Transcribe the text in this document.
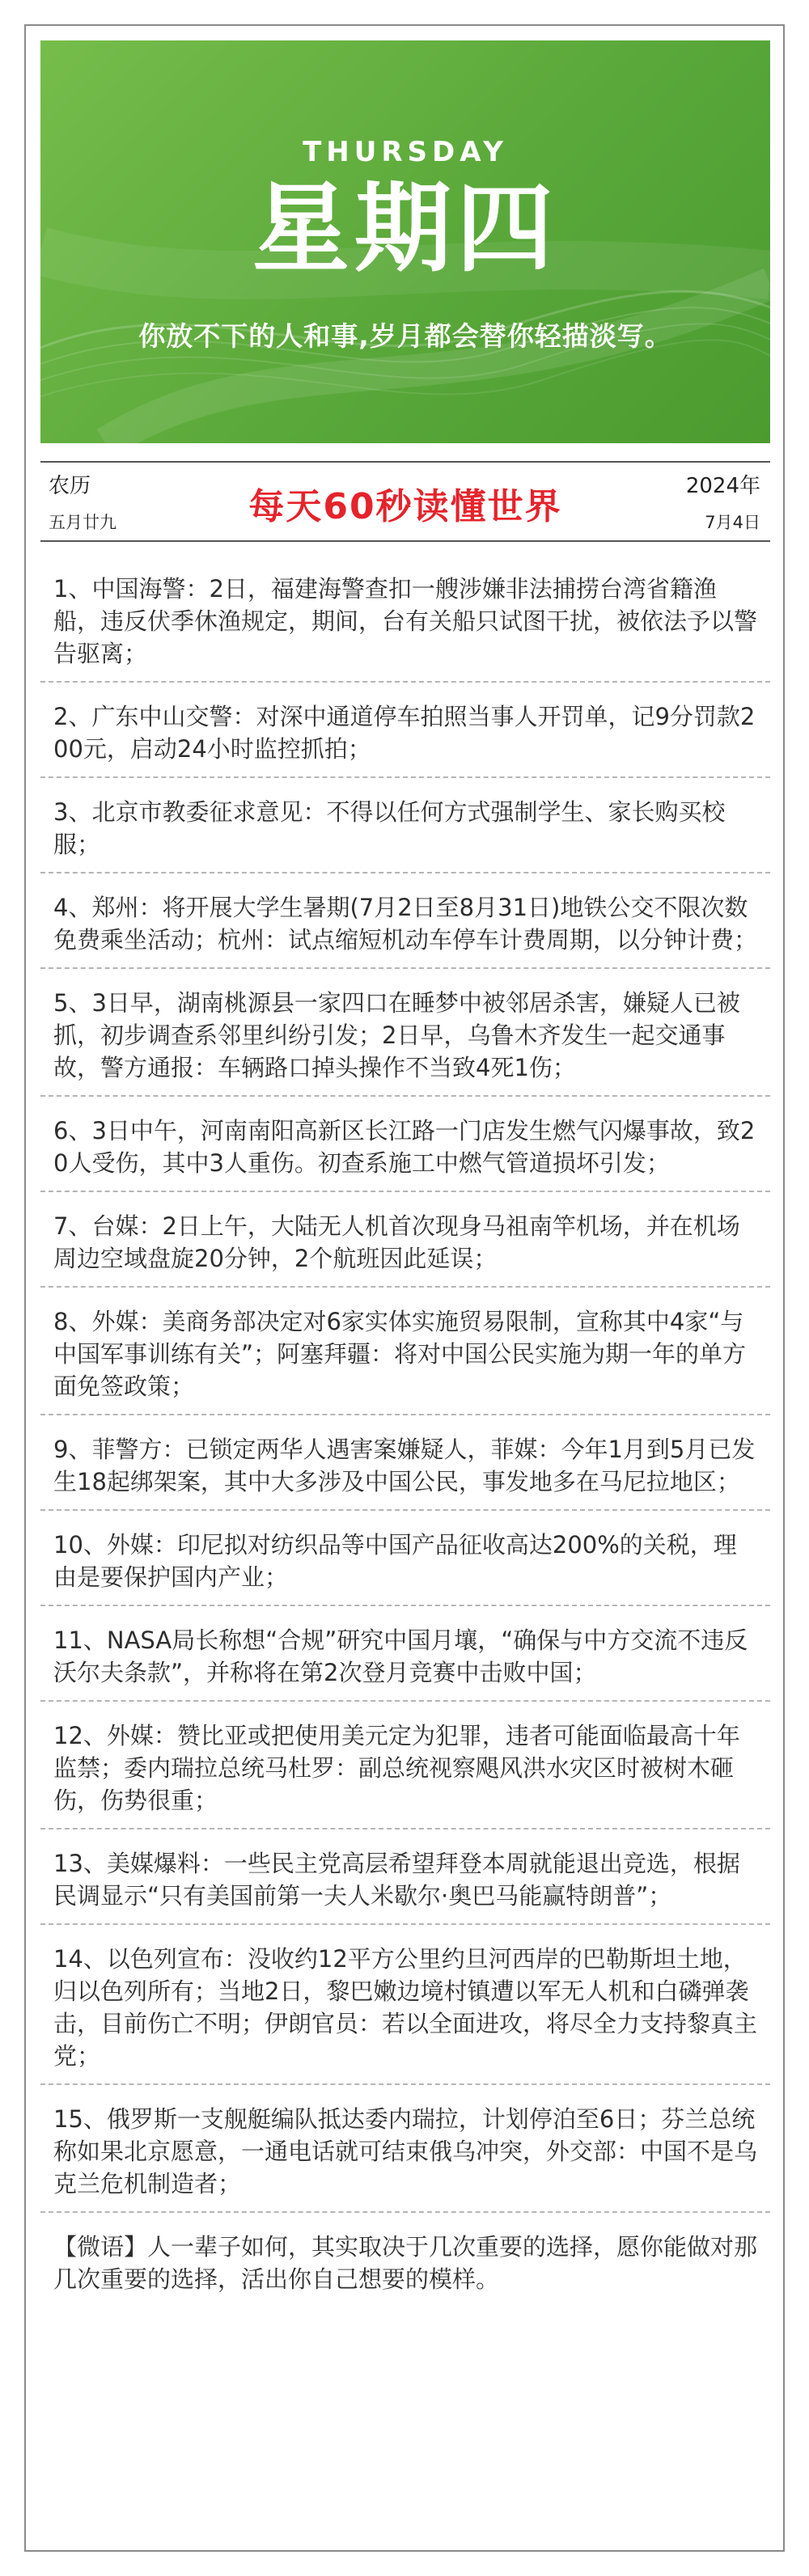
THURSDAY
星期四
你放不下的人和事,岁月都会替你轻描淡写。
农历
五月廿九	每天60秒读懂世界	2024年
7月4日
1、中国海警：2日，福建海警查扣一艘涉嫌非法捕捞台湾省籍渔船，违反伏季休渔规定，期间，台有关船只试图干扰，被依法予以警告驱离；
2、广东中山交警：对深中通道停车拍照当事人开罚单，记9分罚款200元，启动24小时监控抓拍；
3、北京市教委征求意见：不得以任何方式强制学生、家长购买校服；
4、郑州：将开展大学生暑期(7月2日至8月31日)地铁公交不限次数免费乘坐活动；杭州：试点缩短机动车停车计费周期，以分钟计费；
5、3日早，湖南桃源县一家四口在睡梦中被邻居杀害，嫌疑人已被抓，初步调查系邻里纠纷引发；2日早，乌鲁木齐发生一起交通事故，警方通报：车辆路口掉头操作不当致4死1伤；
6、3日中午，河南南阳高新区长江路一门店发生燃气闪爆事故，致20人受伤，其中3人重伤。初查系施工中燃气管道损坏引发；
7、台媒：2日上午，大陆无人机首次现身马祖南竿机场，并在机场周边空域盘旋20分钟，2个航班因此延误；
8、外媒：美商务部决定对6家实体实施贸易限制，宣称其中4家“与中国军事训练有关”；阿塞拜疆：将对中国公民实施为期一年的单方面免签政策；
9、菲警方：已锁定两华人遇害案嫌疑人，菲媒：今年1月到5月已发生18起绑架案，其中大多涉及中国公民，事发地多在马尼拉地区；
10、外媒：印尼拟对纺织品等中国产品征收高达200%的关税，理由是要保护国内产业；
11、NASA局长称想“合规”研究中国月壤，“确保与中方交流不违反沃尔夫条款”，并称将在第2次登月竞赛中击败中国；
12、外媒：赞比亚或把使用美元定为犯罪，违者可能面临最高十年监禁；委内瑞拉总统马杜罗：副总统视察飓风洪水灾区时被树木砸伤，伤势很重；
13、美媒爆料：一些民主党高层希望拜登本周就能退出竞选，根据民调显示“只有美国前第一夫人米歇尔·奥巴马能赢特朗普”；
14、以色列宣布：没收约12平方公里约旦河西岸的巴勒斯坦土地，归以色列所有；当地2日，黎巴嫩边境村镇遭以军无人机和白磷弹袭击，目前伤亡不明；伊朗官员：若以全面进攻，将尽全力支持黎真主党；
15、俄罗斯一支舰艇编队抵达委内瑞拉，计划停泊至6日；芬兰总统称如果北京愿意，一通电话就可结束俄乌冲突，外交部：中国不是乌克兰危机制造者；
【微语】人一辈子如何，其实取决于几次重要的选择，愿你能做对那几次重要的选择，活出你自己想要的模样。
